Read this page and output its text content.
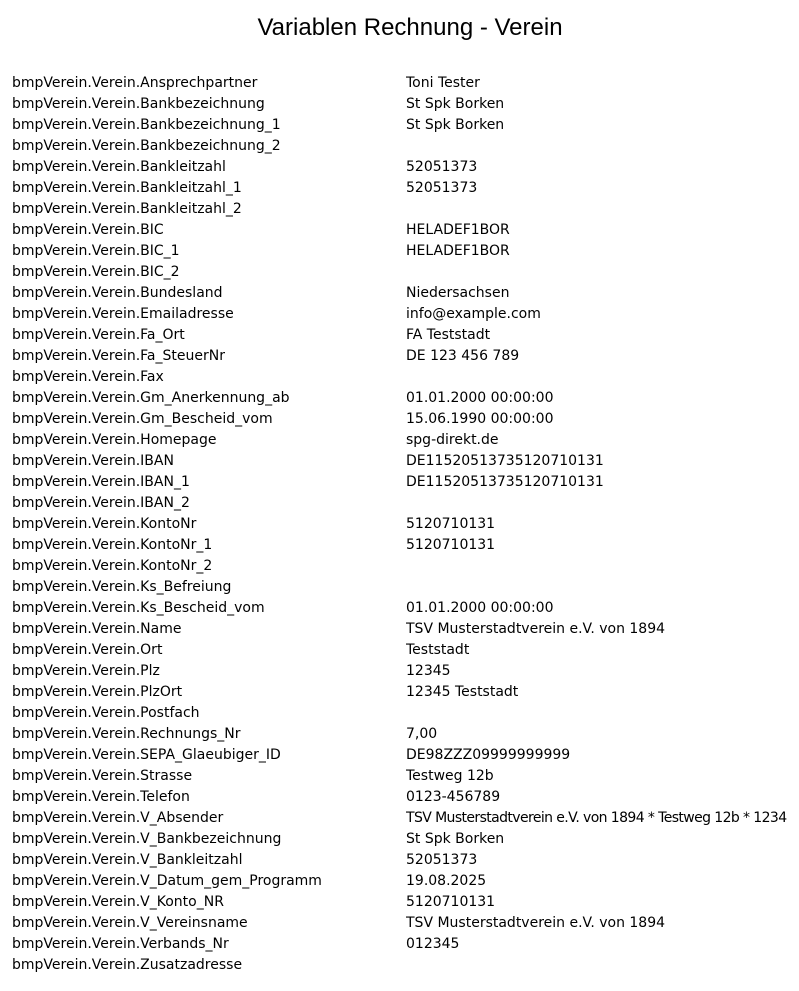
Variablen Rechnung - Verein
bmpVerein.Verein.Ansprechpartner	Toni Tester
bmpVerein.Verein.Bankbezeichnung	St Spk Borken
bmpVerein.Verein.Bankbezeichnung_1	St Spk Borken
bmpVerein.Verein.Bankbezeichnung_2
bmpVerein.Verein.Bankleitzahl	52051373
bmpVerein.Verein.Bankleitzahl_1	52051373
bmpVerein.Verein.Bankleitzahl_2
bmpVerein.Verein.BIC	HELADEF1BOR
bmpVerein.Verein.BIC_1	HELADEF1BOR
bmpVerein.Verein.BIC_2
bmpVerein.Verein.Bundesland	Niedersachsen
bmpVerein.Verein.Emailadresse	info@example.com
bmpVerein.Verein.Fa_Ort	FA Teststadt
bmpVerein.Verein.Fa_SteuerNr	DE 123 456 789
bmpVerein.Verein.Fax
bmpVerein.Verein.Gm_Anerkennung_ab	01.01.2000 00:00:00
bmpVerein.Verein.Gm_Bescheid_vom	15.06.1990 00:00:00
bmpVerein.Verein.Homepage	spg-direkt.de
bmpVerein.Verein.IBAN	DE11520513735120710131
bmpVerein.Verein.IBAN_1	DE11520513735120710131
bmpVerein.Verein.IBAN_2
bmpVerein.Verein.KontoNr	5120710131
bmpVerein.Verein.KontoNr_1	5120710131
bmpVerein.Verein.KontoNr_2
bmpVerein.Verein.Ks_Befreiung
bmpVerein.Verein.Ks_Bescheid_vom	01.01.2000 00:00:00
bmpVerein.Verein.Name	TSV Musterstadtverein e.V. von 1894
bmpVerein.Verein.Ort	Teststadt
bmpVerein.Verein.Plz	12345
bmpVerein.Verein.PlzOrt	12345 Teststadt
bmpVerein.Verein.Postfach
bmpVerein.Verein.Rechnungs_Nr	7,00
bmpVerein.Verein.SEPA_Glaeubiger_ID	DE98ZZZ09999999999
bmpVerein.Verein.Strasse	Testweg 12b
bmpVerein.Verein.Telefon	0123-456789
bmpVerein.Verein.V_Absender	TSV Musterstadtverein e.V. von 1894 * Testweg 12b * 1234
bmpVerein.Verein.V_Bankbezeichnung	St Spk Borken
bmpVerein.Verein.V_Bankleitzahl	52051373
bmpVerein.Verein.V_Datum_gem_Programm	19.08.2025
bmpVerein.Verein.V_Konto_NR	5120710131
bmpVerein.Verein.V_Vereinsname	TSV Musterstadtverein e.V. von 1894
bmpVerein.Verein.Verbands_Nr	012345
bmpVerein.Verein.Zusatzadresse
